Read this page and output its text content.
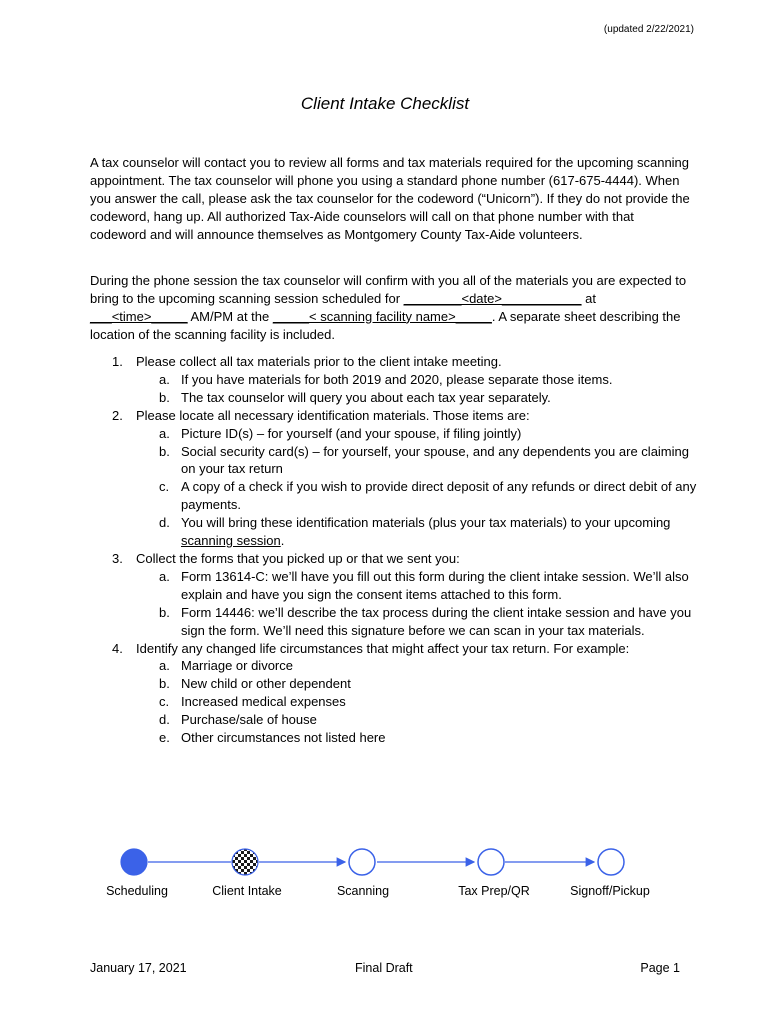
(updated 2/22/2021)
Client Intake Checklist
A tax counselor will contact you to review all forms and tax materials required for the upcoming scanning appointment. The tax counselor will phone you using a standard phone number (617-675-4444). When you answer the call, please ask the tax counselor for the codeword (“Unicorn”). If they do not provide the codeword, hang up. All authorized Tax-Aide counselors will call on that phone number with that codeword and will announce themselves as Montgomery County Tax-Aide volunteers.
During the phone session the tax counselor will confirm with you all of the materials you are expected to bring to the upcoming scanning session scheduled for ________<date>___________ at ___<time>_____ AM/PM at the _____< scanning facility name>_____. A separate sheet describing the location of the scanning facility is included.
1. Please collect all tax materials prior to the client intake meeting.
a. If you have materials for both 2019 and 2020, please separate those items.
b. The tax counselor will query you about each tax year separately.
2. Please locate all necessary identification materials. Those items are:
a. Picture ID(s) – for yourself (and your spouse, if filing jointly)
b. Social security card(s) – for yourself, your spouse, and any dependents you are claiming on your tax return
c. A copy of a check if you wish to provide direct deposit of any refunds or direct debit of any payments.
d. You will bring these identification materials (plus your tax materials) to your upcoming scanning session.
3. Collect the forms that you picked up or that we sent you:
a. Form 13614-C: we’ll have you fill out this form during the client intake session. We’ll also explain and have you sign the consent items attached to this form.
b. Form 14446: we’ll describe the tax process during the client intake session and have you sign the form. We’ll need this signature before we can scan in your tax materials.
4. Identify any changed life circumstances that might affect your tax return. For example:
a. Marriage or divorce
b. New child or other dependent
c. Increased medical expenses
d. Purchase/sale of house
e. Other circumstances not listed here
Scheduling	Client Intake	Scanning	Tax Prep/QR	Signoff/Pickup
January 17, 2021	Final Draft	Page 1
